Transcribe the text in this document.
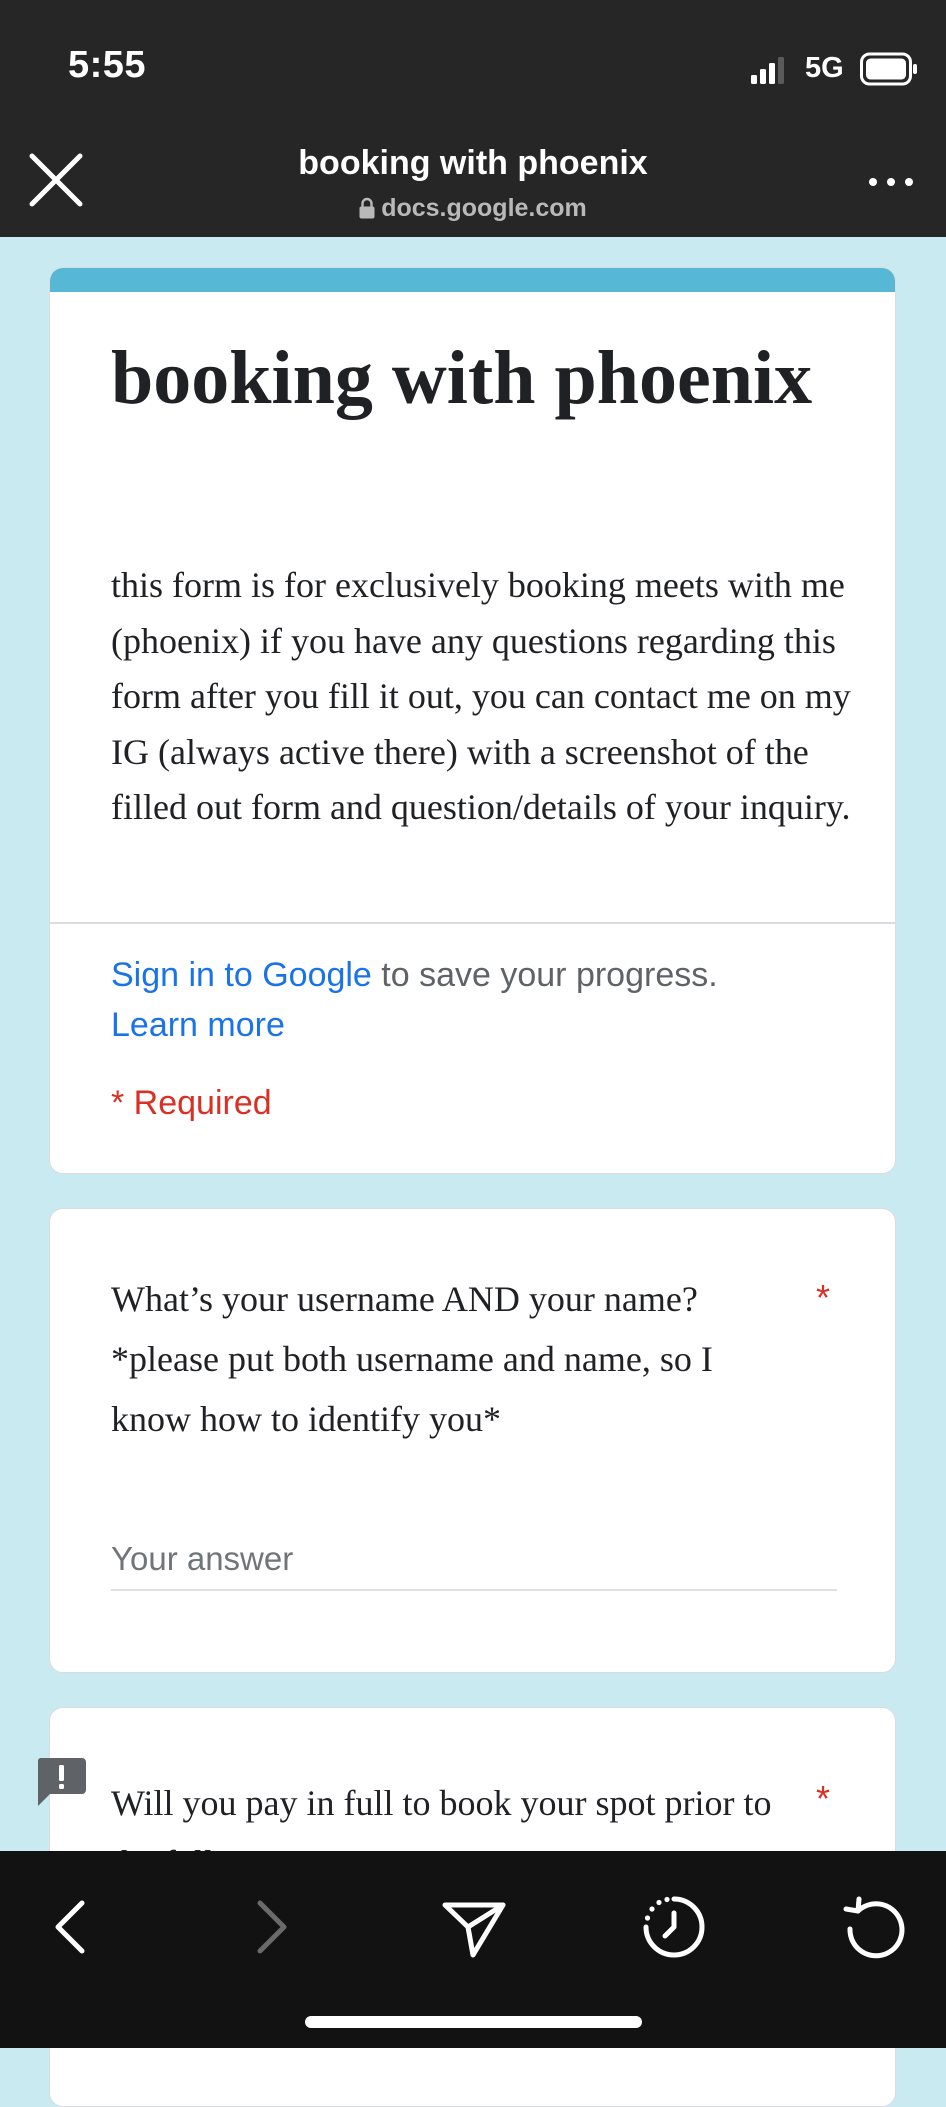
5:55	5G
booking with phoenix
docs.google.com
booking with phoenix

this form is for exclusively booking meets with me (phoenix) if you have any questions regarding this form after you fill it out, you can contact me on my IG (always active there) with a screenshot of the filled out form and question/details of your inquiry.

Sign in to Google to save your progress.
Learn more
* Required

What’s your username AND your name? *please put both username and name, so I know how to identify you*

*
Your answer

Will you pay in full to book your spot prior to	*
